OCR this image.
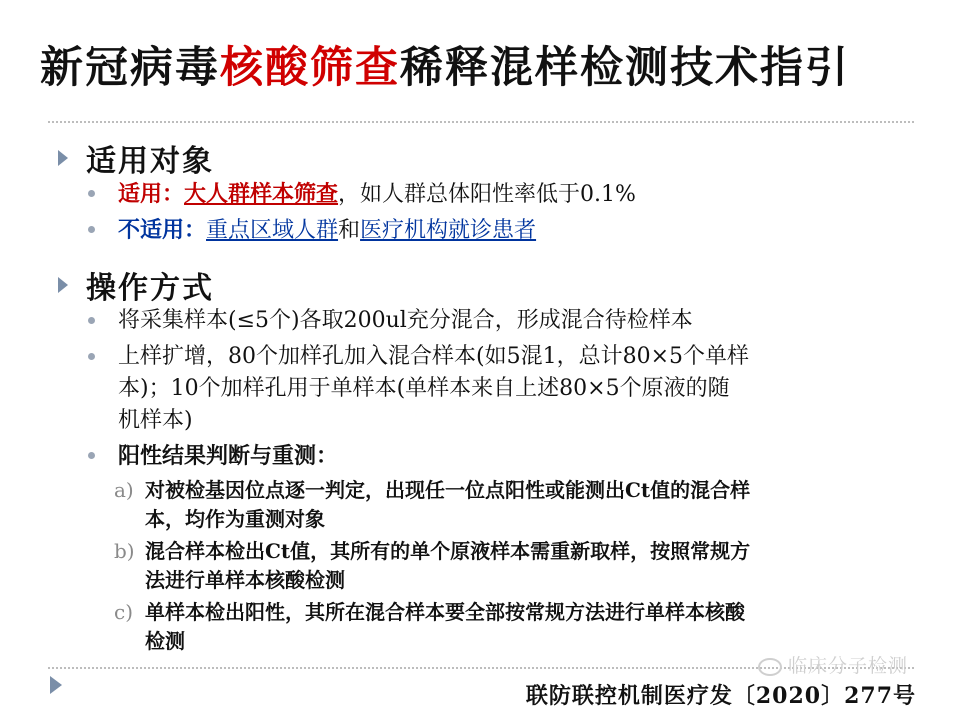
新冠病毒核酸筛查稀释混样检测技术指引
适用对象
适用：大人群样本筛查，如人群总体阳性率低于0.1%
不适用：重点区域人群和医疗机构就诊患者
操作方式
将采集样本(≤5个)各取200ul充分混合，形成混合待检样本
上样扩增，80个加样孔加入混合样本(如5混1，总计80×5个单样
本)；10个加样孔用于单样本(单样本来自上述80×5个原液的随
机样本)
阳性结果判断与重测：
a) 对被检基因位点逐一判定，出现任一位点阳性或能测出Ct值的混合样
本，均作为重测对象
b) 混合样本检出Ct值，其所有的单个原液样本需重新取样，按照常规方
法进行单样本核酸检测
c) 单样本检出阳性，其所在混合样本要全部按常规方法进行单样本核酸
检测
临床分子检测
联防联控机制医疗发〔2020〕277号
